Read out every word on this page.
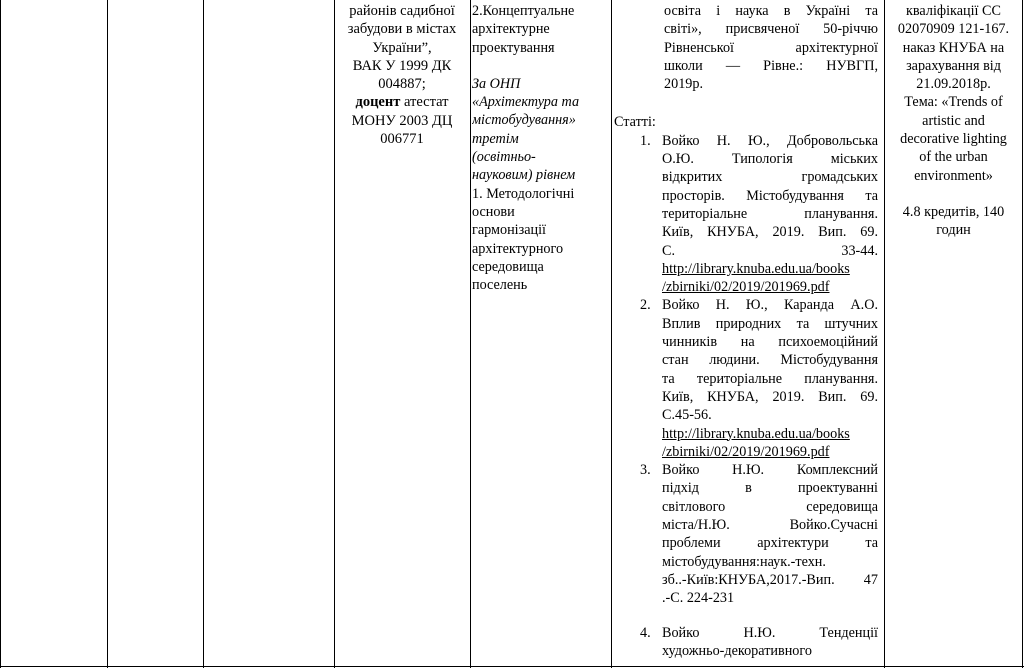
районів садибної
забудови в містах
України”,
ВАК У 1999 ДК
004887;
доцент атестат
МОНУ 2003 ДЦ
006771
2.Концептуальне
архітектурне
проектування
За ОНП
«Архітектура та
містобудування»
третім
(освітньо-
науковим) рівнем
1. Методологічні
основи
гармонізації
архітектурного
середовища
поселень
освіта і наука в Україні та
світі», присвяченої 50-річчю
Рівненської архітектурної
школи — Рівне.: НУВГП,
2019р.
Статті:
1. Войко Н. Ю., Добровольська
О.Ю. Типологія міських
відкритих громадських
просторів. Містобудування та
територіальне планування.
Київ, КНУБА, 2019. Вип. 69.
С. 33-44.
http://library.knuba.edu.ua/books
/zbirniki/02/2019/201969.pdf
2. Войко Н. Ю., Каранда А.О.
Вплив природних та штучних
чинників на психоемоційний
стан людини. Містобудування
та територіальне планування.
Київ, КНУБА, 2019. Вип. 69.
С.45-56.
http://library.knuba.edu.ua/books
/zbirniki/02/2019/201969.pdf
3. Войко Н.Ю. Комплексний
підхід в проектуванні
світлового середовища
міста/Н.Ю. Войко.Сучасні
проблеми архітектури та
містобудування:наук.-техн.
зб..-Київ:КНУБА,2017.-Вип. 47
.-С. 224-231
4. Войко Н.Ю. Тенденції
художньо-декоративного
кваліфікації СС
02070909 121-167.
наказ КНУБА на
зарахування від
21.09.2018р.
Тема: «Trends of
artistic and
decorative lighting
of the urban
environment»
4.8 кредитів, 140
годин
